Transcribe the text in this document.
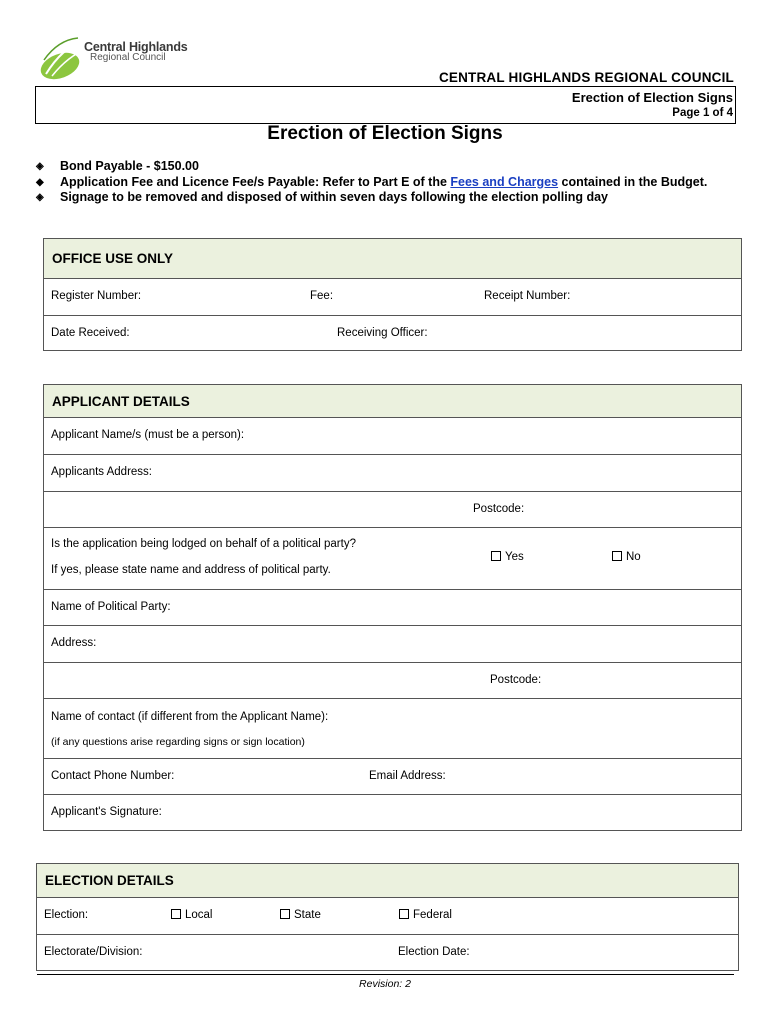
Central Highlands
Regional Council
CENTRAL HIGHLANDS REGIONAL COUNCIL
Erection of Election Signs
Page 1 of 4
Erection of Election Signs
◈ Bond Payable - $150.00
◆ Application Fee and Licence Fee/s Payable: Refer to Part E of the Fees and Charges contained in the Budget.
◈ Signage to be removed and disposed of within seven days following the election polling day
OFFICE USE ONLY
Register Number:	Fee:	Receipt Number:
Date Received:	Receiving Officer:
APPLICANT DETAILS
Applicant Name/s (must be a person):
Applicants Address:
Postcode:
Is the application being lodged on behalf of a political party?
If yes, please state name and address of political party.
Yes	No
Name of Political Party:
Address:
Postcode:
Name of contact (if different from the Applicant Name):
(if any questions arise regarding signs or sign location)
Contact Phone Number:	Email Address:
Applicant's Signature:
ELECTION DETAILS
Election:	Local	State	Federal
Electorate/Division:	Election Date:
Revision: 2
